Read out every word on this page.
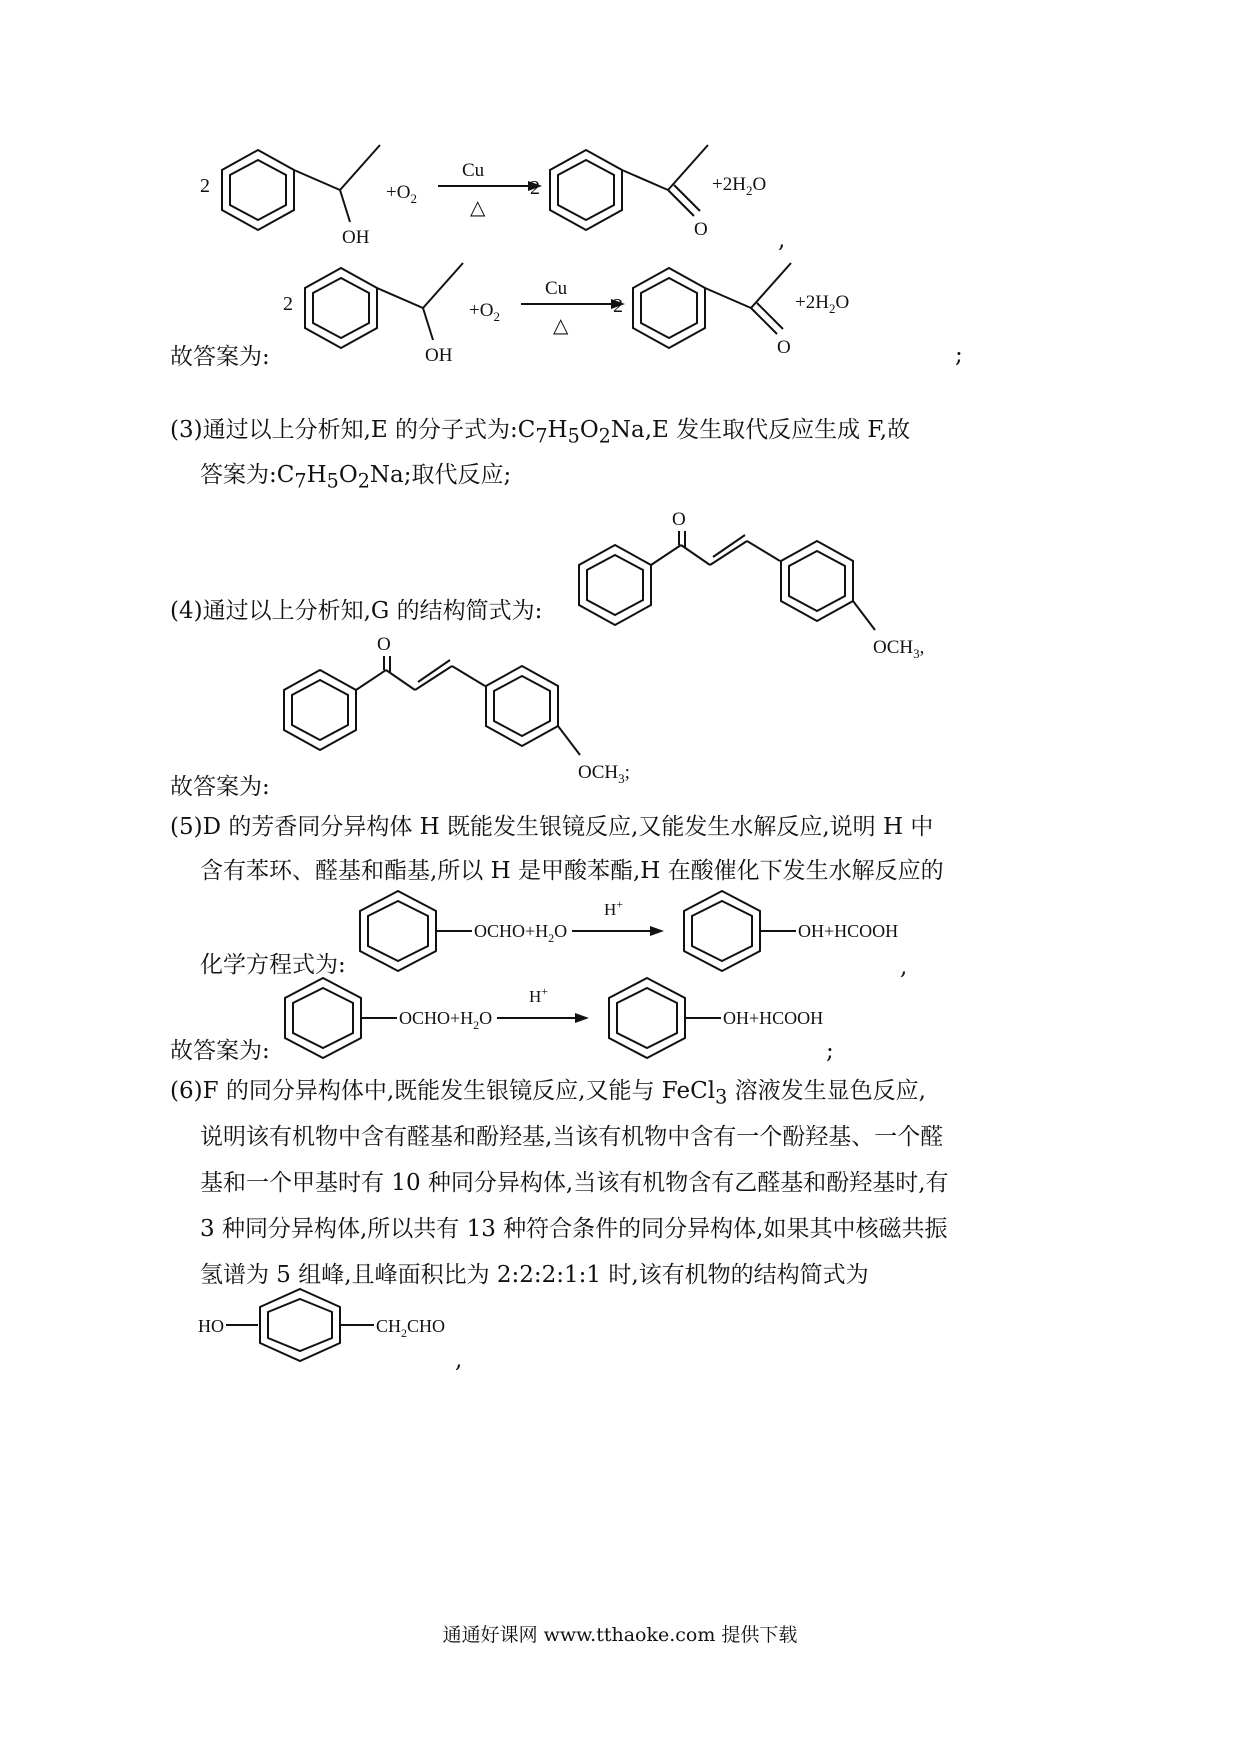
2
OH
$+O_2$
Cu
△
2
O
$+2H_2O$
,
故答案为:
2
OH
$+O_2$
Cu
△
2
O
$+2H_2O$
;
(3)通过以上分析知,E 的分子式为$:C_7H_5O_2Na,E$ 发生取代反应生成 F,故
答案为$:C_7H_5O_2Na$;取代反应;
O
$OCH_3$,
(4)通过以上分析知,G 的结构简式为:
故答案为:
O
$OCH_3$;
(5)D 的芳香同分异构体 H 既能发生银镜反应,又能发生水解反应,说明 H 中
含有苯环、醛基和酯基,所以 H 是甲酸苯酯,H 在酸催化下发生水解反应的
化学方程式为:
$OCHO+H_2O$
H+
OH+HCOOH
,
故答案为:
$OCHO+H_2O$
H+
OH+HCOOH
;
(6)F 的同分异构体中,既能发生银镜反应,又能与 FeCl$_3$ 溶液发生显色反应,
说明该有机物中含有醛基和酚羟基,当该有机物中含有一个酚羟基、一个醛
基和一个甲基时有 10 种同分异构体,当该有机物含有乙醛基和酚羟基时,有
3 种同分异构体,所以共有 13 种符合条件的同分异构体,如果其中核磁共振
氢谱为 5 组峰,且峰面积比为 2:2:2:1:1 时,该有机物的结构简式为
HO	$CH_2CHO$
,
通通好课网 www.tthaoke.com 提供下载
